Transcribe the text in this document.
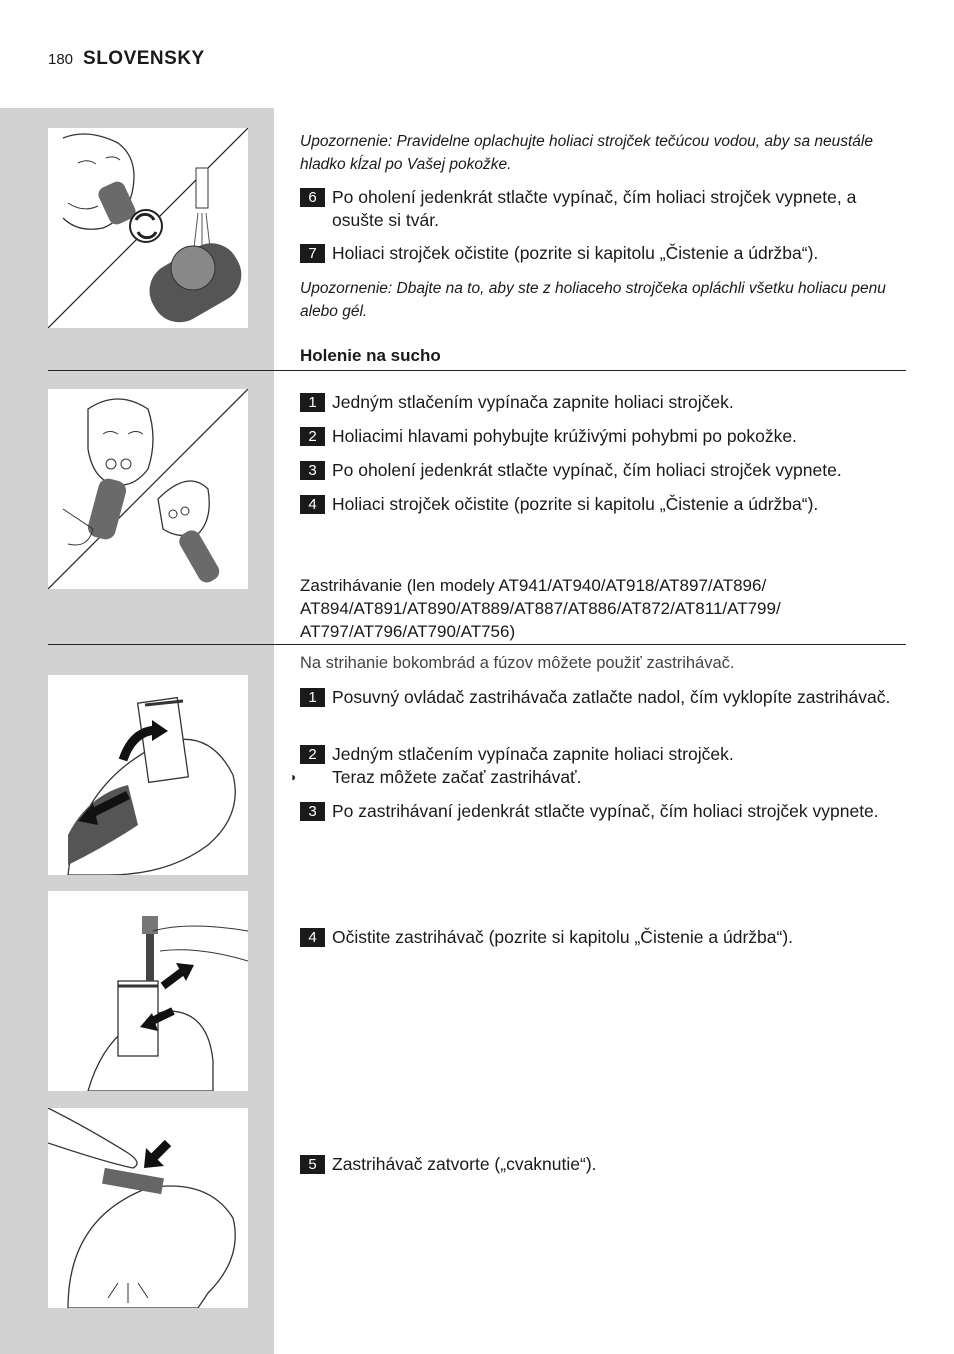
180 SLOVENSKY
Upozornenie: Pravidelne oplachujte holiaci strojček tečúcou vodou, aby sa neustále hladko kĺzal po Vašej pokožke.
6 Po oholení jedenkrát stlačte vypínač, čím holiaci strojček vypnete, a osušte si tvár.
7 Holiaci strojček očistite (pozrite si kapitolu „Čistenie a údržba“).
Upozornenie: Dbajte na to, aby ste z holiaceho strojčeka opláchli všetku holiacu penu alebo gél.
Holenie na sucho
1 Jedným stlačením vypínača zapnite holiaci strojček.
2 Holiacimi hlavami pohybujte krúživými pohybmi po pokožke.
3 Po oholení jedenkrát stlačte vypínač, čím holiaci strojček vypnete.
4 Holiaci strojček očistite (pozrite si kapitolu „Čistenie a údržba“).
Zastrihávanie (len modely AT941/AT940/AT918/AT897/AT896/ AT894/AT891/AT890/AT889/AT887/AT886/AT872/AT811/AT799/ AT797/AT796/AT790/AT756)
Na strihanie bokombrád a fúzov môžete použiť zastrihávač.
1 Posuvný ovládač zastrihávača zatlačte nadol, čím vyklopíte zastrihávač.
2 Jedným stlačením vypínača zapnite holiaci strojček.
◗	Teraz môžete začať zastrihávať.
3 Po zastrihávaní jedenkrát stlačte vypínač, čím holiaci strojček vypnete.
4 Očistite zastrihávač (pozrite si kapitolu „Čistenie a údržba“).
5 Zastrihávač zatvorte („cvaknutie“).
